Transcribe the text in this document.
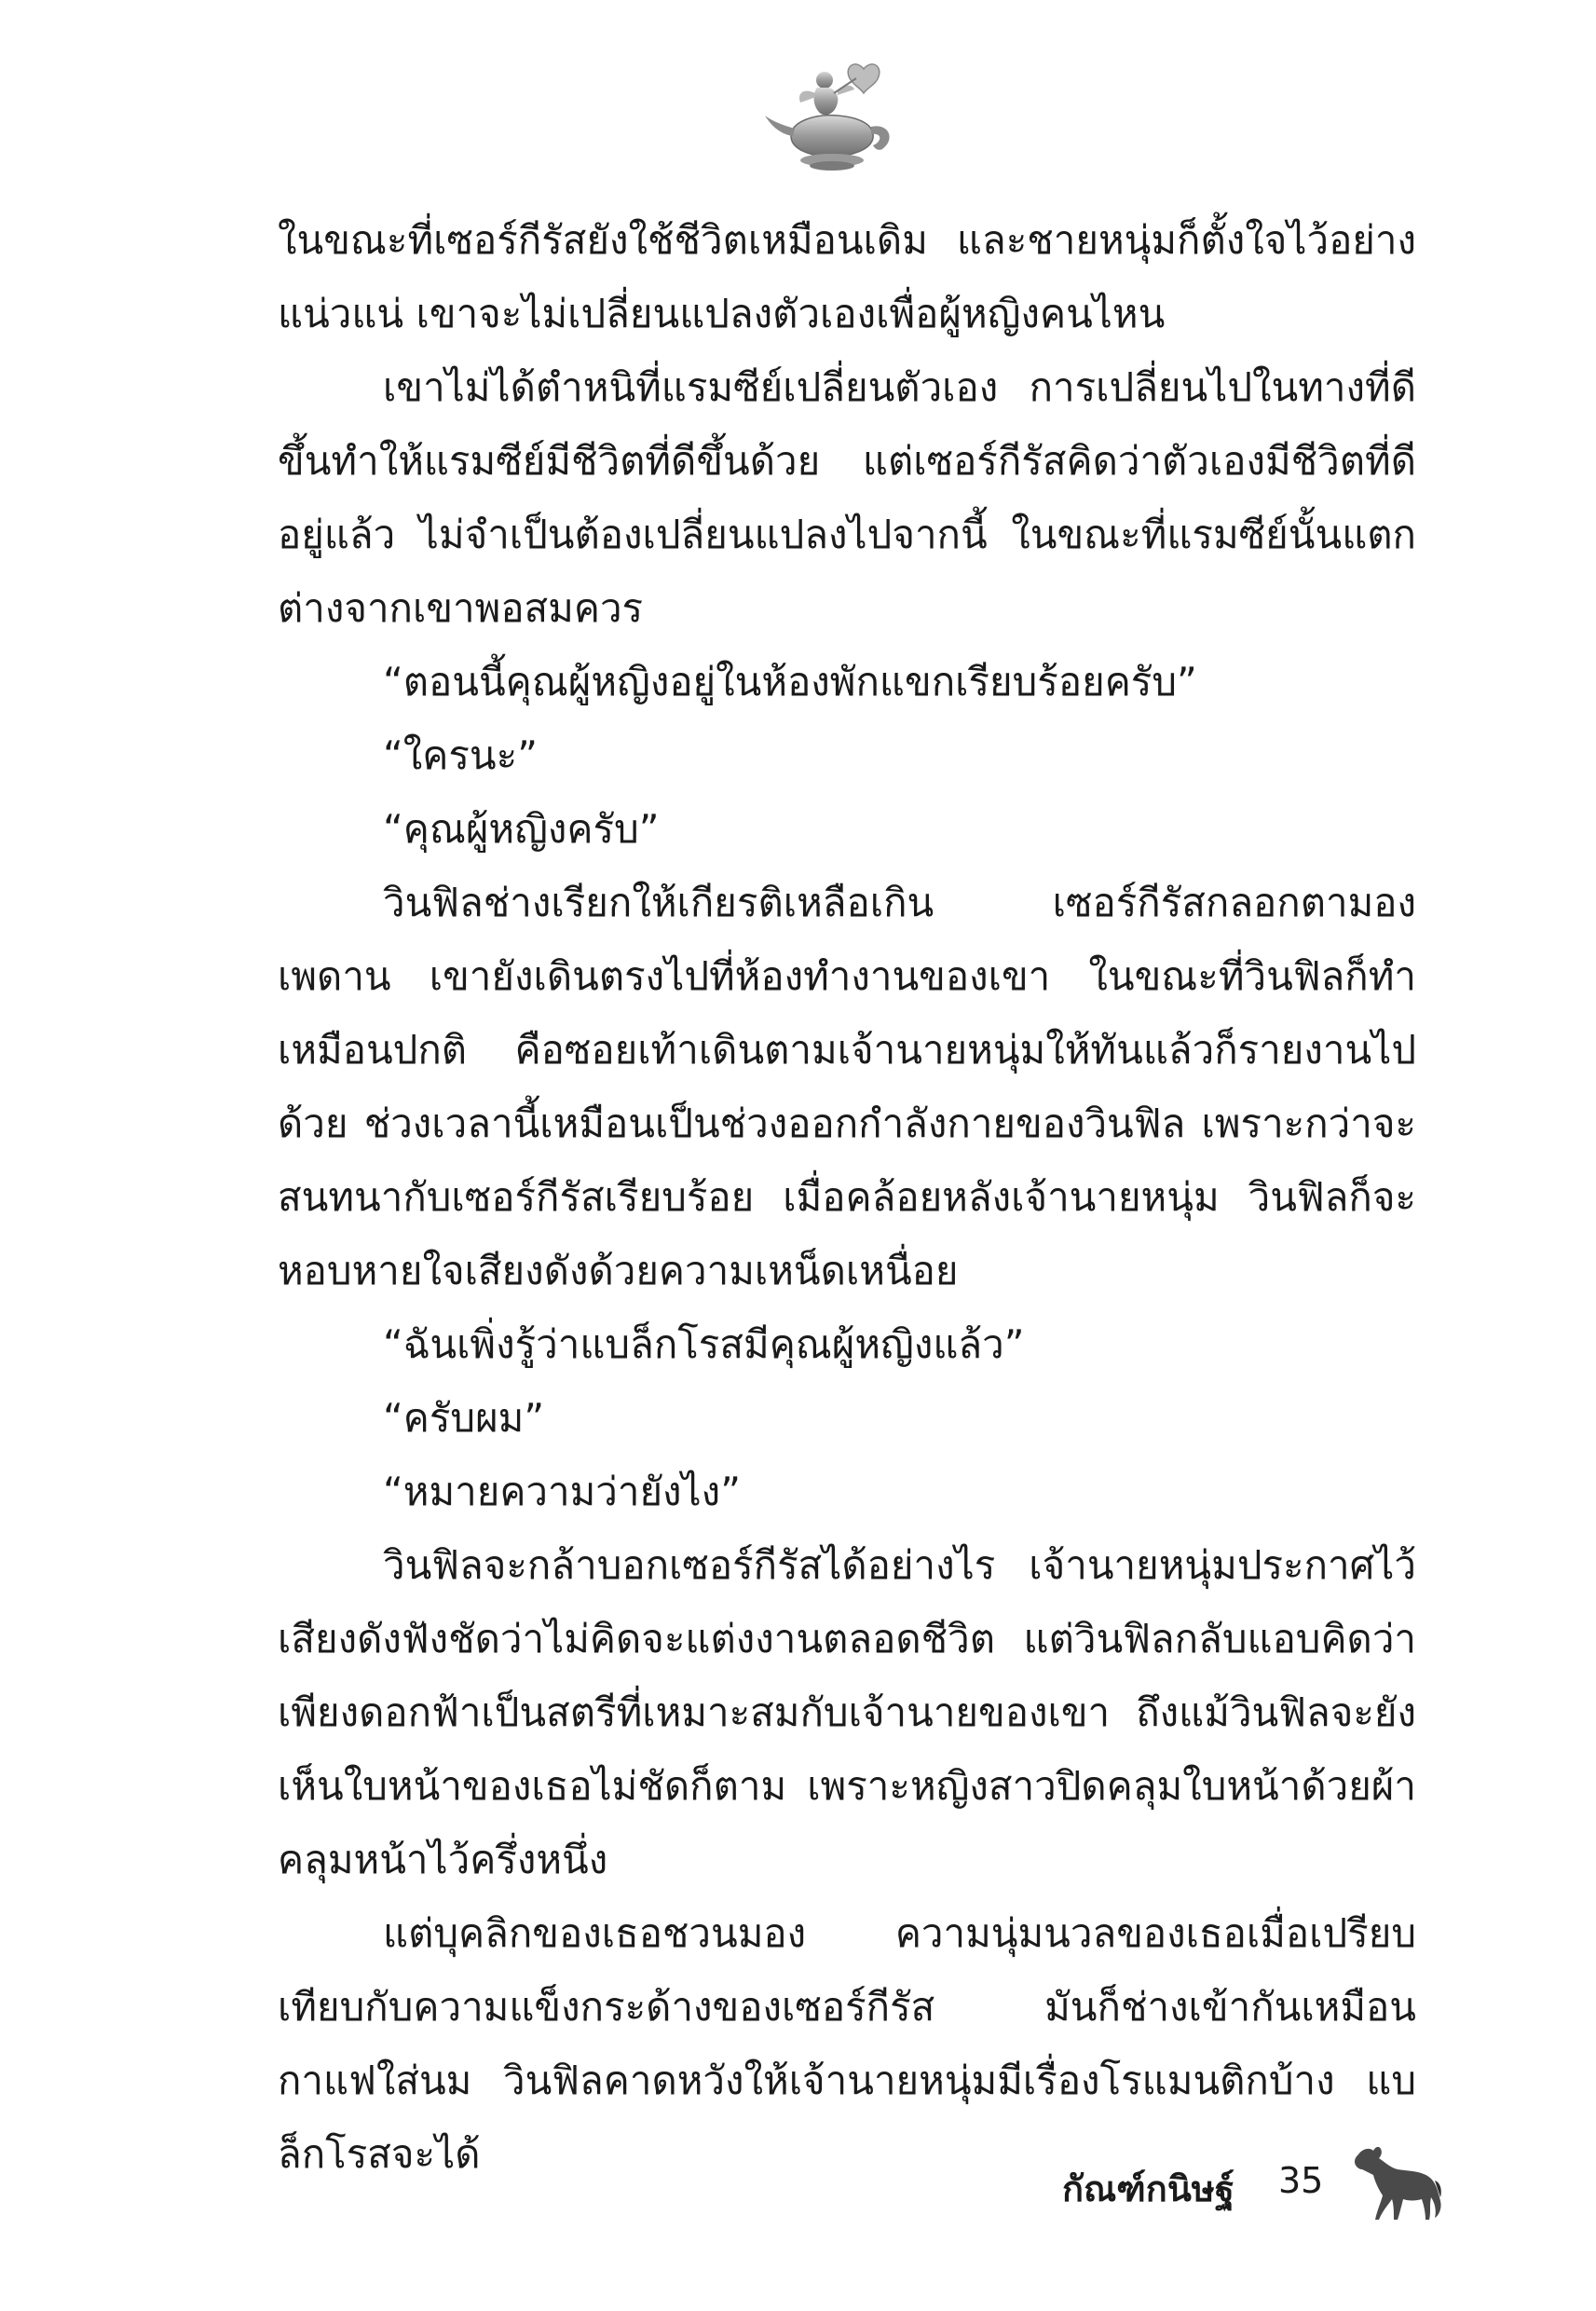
ในขณะที่เซอร์กีรัสยังใช้ชีวิตเหมือนเดิม และชายหนุ่มก็ตั้งใจไว้อย่างแน่วแน่ เขาจะไม่เปลี่ยนแปลงตัวเองเพื่อผู้หญิงคนไหน

เขาไม่ได้ตำหนิที่แรมซีย์เปลี่ยนตัวเอง การเปลี่ยนไปในทางที่ดีขึ้นทำให้แรมซีย์มีชีวิตที่ดีขึ้นด้วย แต่เซอร์กีรัสคิดว่าตัวเองมีชีวิตที่ดีอยู่แล้ว ไม่จำเป็นต้องเปลี่ยนแปลงไปจากนี้ ในขณะที่แรมซีย์นั้นแตกต่างจากเขาพอสมควร

“ตอนนี้คุณผู้หญิงอยู่ในห้องพักแขกเรียบร้อยครับ”

“ใครนะ”

“คุณผู้หญิงครับ”

วินฟิลช่างเรียกให้เกียรติเหลือเกิน เซอร์กีรัสกลอกตามองเพดาน เขายังเดินตรงไปที่ห้องทำงานของเขา ในขณะที่วินฟิลก็ทำเหมือนปกติ คือซอยเท้าเดินตามเจ้านายหนุ่มให้ทันแล้วก็รายงานไปด้วย ช่วงเวลานี้เหมือนเป็นช่วงออกกำลังกายของวินฟิล เพราะกว่าจะสนทนากับเซอร์กีรัสเรียบร้อย เมื่อคล้อยหลังเจ้านายหนุ่ม วินฟิลก็จะหอบหายใจเสียงดังด้วยความเหน็ดเหนื่อย

“ฉันเพิ่งรู้ว่าแบล็กโรสมีคุณผู้หญิงแล้ว”

“ครับผม”

“หมายความว่ายังไง”

วินฟิลจะกล้าบอกเซอร์กีรัสได้อย่างไร เจ้านายหนุ่มประกาศไว้เสียงดังฟังชัดว่าไม่คิดจะแต่งงานตลอดชีวิต แต่วินฟิลกลับแอบคิดว่าเพียงดอกฟ้าเป็นสตรีที่เหมาะสมกับเจ้านายของเขา ถึงแม้วินฟิลจะยังเห็นใบหน้าของเธอไม่ชัดก็ตาม เพราะหญิงสาวปิดคลุมใบหน้าด้วยผ้าคลุมหน้าไว้ครึ่งหนึ่ง

แต่บุคลิกของเธอชวนมอง ความนุ่มนวลของเธอเมื่อเปรียบเทียบกับความแข็งกระด้างของเซอร์กีรัส มันก็ช่างเข้ากันเหมือนกาแฟใส่นม วินฟิลคาดหวังให้เจ้านายหนุ่มมีเรื่องโรแมนติกบ้าง แบล็กโรสจะได้

กัณฑ์กนิษฐ์ 35
